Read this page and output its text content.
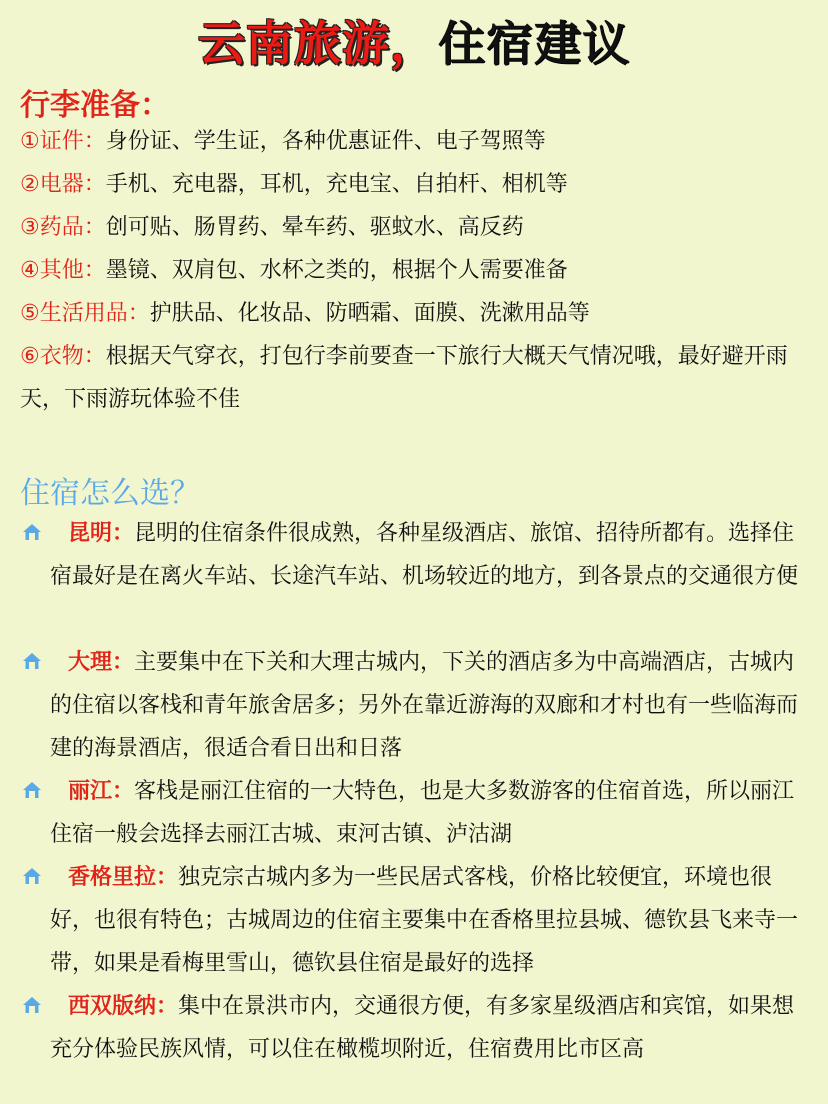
云南旅游，住宿建议
行李准备：
①证件：身份证、学生证，各种优惠证件、电子驾照等
②电器：手机、充电器，耳机，充电宝、自拍杆、相机等
③药品：创可贴、肠胃药、晕车药、驱蚊水、高反药
④其他：墨镜、双肩包、水杯之类的，根据个人需要准备
⑤生活用品：护肤品、化妆品、防晒霜、面膜、洗漱用品等
⑥衣物：根据天气穿衣，打包行李前要查一下旅行大概天气情况哦，最好避开雨天，下雨游玩体验不佳
住宿怎么选？
昆明：昆明的住宿条件很成熟，各种星级酒店、旅馆、招待所都有。选择住宿最好是在离火车站、长途汽车站、机场较近的地方，到各景点的交通很方便
大理：主要集中在下关和大理古城内，下关的酒店多为中高端酒店，古城内的住宿以客栈和青年旅舍居多；另外在靠近游海的双廊和才村也有一些临海而建的海景酒店，很适合看日出和日落
丽江：客栈是丽江住宿的一大特色，也是大多数游客的住宿首选，所以丽江住宿一般会选择去丽江古城、束河古镇、泸沽湖
香格里拉：独克宗古城内多为一些民居式客栈，价格比较便宜，环境也很好，也很有特色；古城周边的住宿主要集中在香格里拉县城、德钦县飞来寺一带，如果是看梅里雪山，德钦县住宿是最好的选择
西双版纳：集中在景洪市内，交通很方便，有多家星级酒店和宾馆，如果想充分体验民族风情，可以住在橄榄坝附近，住宿费用比市区高
